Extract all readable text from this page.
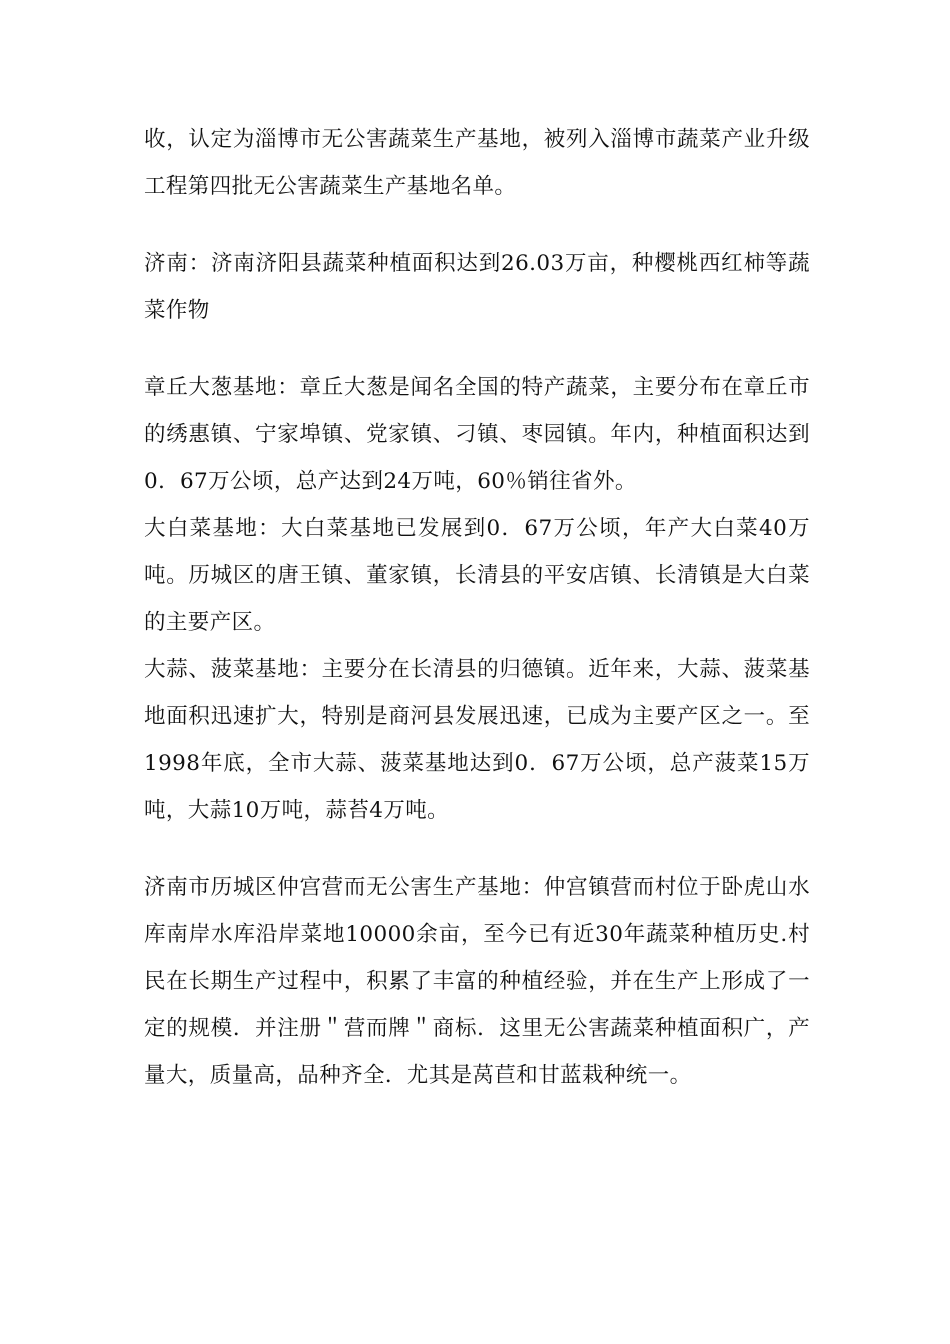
收，认定为淄博市无公害蔬菜生产基地，被列入淄博市蔬菜产业升级工程第四批无公害蔬菜生产基地名单。

济南：济南济阳县蔬菜种植面积达到26.03万亩，种樱桃西红柿等蔬菜作物

章丘大葱基地：章丘大葱是闻名全国的特产蔬菜，主要分布在章丘市的绣惠镇、宁家埠镇、党家镇、刁镇、枣园镇。年内，种植面积达到0．67万公顷，总产达到24万吨，60％销往省外。

大白菜基地：大白菜基地已发展到0．67万公顷，年产大白菜40万吨。历城区的唐王镇、董家镇，长清县的平安店镇、长清镇是大白菜的主要产区。

大蒜、菠菜基地：主要分在长清县的归德镇。近年来，大蒜、菠菜基地面积迅速扩大，特别是商河县发展迅速，已成为主要产区之一。至1998年底，全市大蒜、菠菜基地达到0．67万公顷，总产菠菜15万吨，大蒜10万吨，蒜苔4万吨。

济南市历城区仲宫营而无公害生产基地：仲宫镇营而村位于卧虎山水库南岸水库沿岸菜地10000余亩，至今已有近30年蔬菜种植历史.村民在长期生产过程中，积累了丰富的种植经验，并在生产上形成了一定的规模．并注册＂营而牌＂商标．这里无公害蔬菜种植面积广，产量大，质量高，品种齐全．尤其是莴苣和甘蓝栽种统一。
